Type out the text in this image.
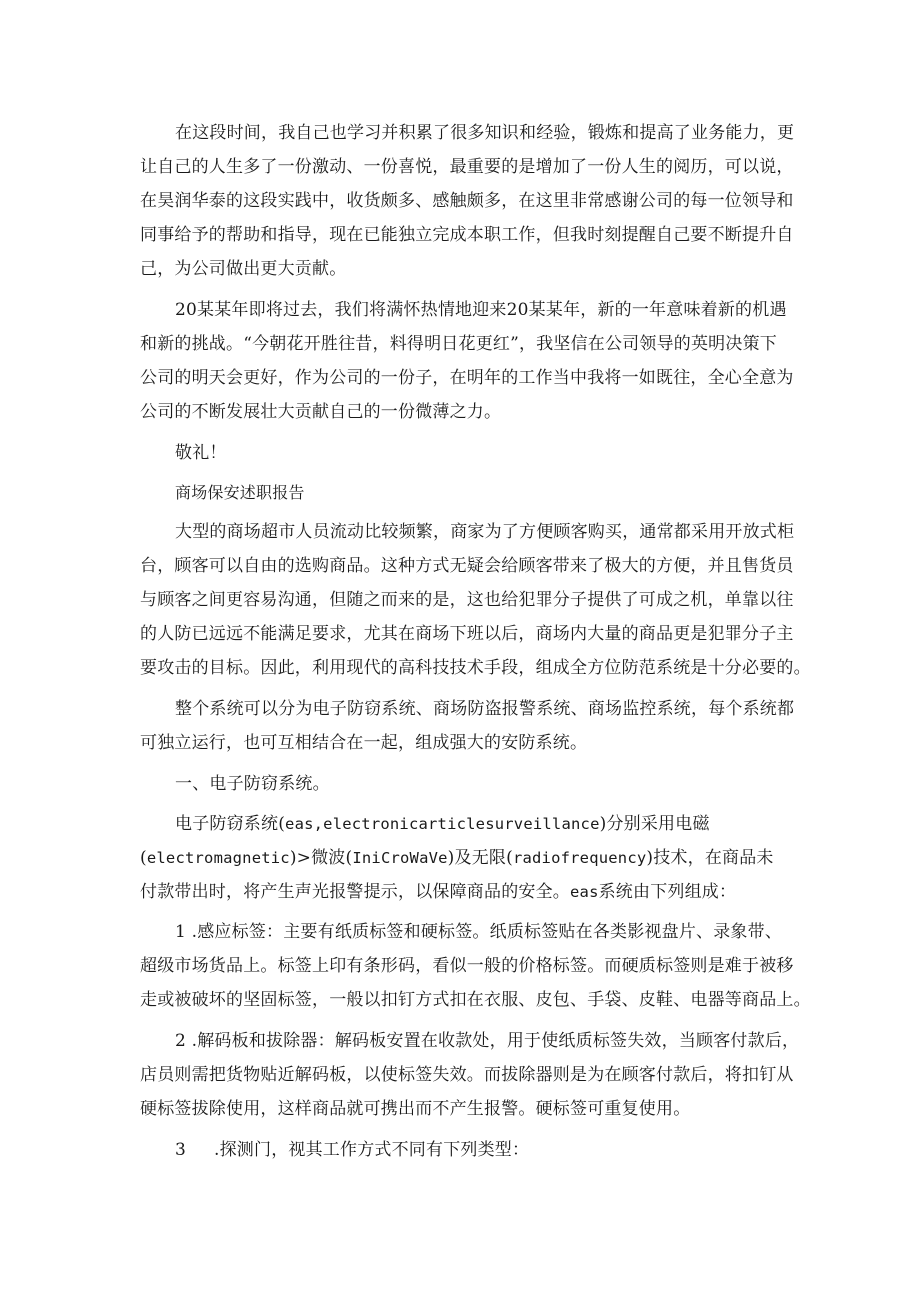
在这段时间，我自己也学习并积累了很多知识和经验，锻炼和提高了业务能力，更
让自己的人生多了一份激动、一份喜悦，最重要的是增加了一份人生的阅历，可以说，
在昊润华泰的这段实践中，收货颇多、感触颇多，在这里非常感谢公司的每一位领导和
同事给予的帮助和指导，现在已能独立完成本职工作，但我时刻提醒自己要不断提升自
己，为公司做出更大贡献。
20某某年即将过去，我们将满怀热情地迎来20某某年，新的一年意味着新的机遇
和新的挑战。“今朝花开胜往昔，料得明日花更红”，我坚信在公司领导的英明决策下
公司的明天会更好，作为公司的一份子，在明年的工作当中我将一如既往，全心全意为
公司的不断发展壮大贡献自己的一份微薄之力。
敬礼！
商场保安述职报告
大型的商场超市人员流动比较频繁，商家为了方便顾客购买，通常都采用开放式柜
台，顾客可以自由的选购商品。这种方式无疑会给顾客带来了极大的方便，并且售货员
与顾客之间更容易沟通，但随之而来的是，这也给犯罪分子提供了可成之机，单靠以往
的人防已远远不能满足要求，尤其在商场下班以后，商场内大量的商品更是犯罪分子主
要攻击的目标。因此，利用现代的高科技技术手段，组成全方位防范系统是十分必要的。
整个系统可以分为电子防窃系统、商场防盗报警系统、商场监控系统，每个系统都
可独立运行，也可互相结合在一起，组成强大的安防系统。
一、电子防窃系统。
电子防窃系统(eas,electronicarticlesurveillance)分别采用电磁
(electromagnetic)>微波(IniCroWaVe)及无限(radiofrequency)技术，在商品未
付款带出时，将产生声光报警提示，以保障商品的安全。eas系统由下列组成：
1 .感应标签：主要有纸质标签和硬标签。纸质标签贴在各类影视盘片、录象带、
超级市场货品上。标签上印有条形码，看似一般的价格标签。而硬质标签则是难于被移
走或被破坏的坚固标签，一般以扣钉方式扣在衣服、皮包、手袋、皮鞋、电器等商品上。
2 .解码板和拔除器：解码板安置在收款处，用于使纸质标签失效，当顾客付款后，
店员则需把货物贴近解码板，以使标签失效。而拔除器则是为在顾客付款后，将扣钉从
硬标签拔除使用，这样商品就可携出而不产生报警。硬标签可重复使用。
3 .探测门，视其工作方式不同有下列类型：
